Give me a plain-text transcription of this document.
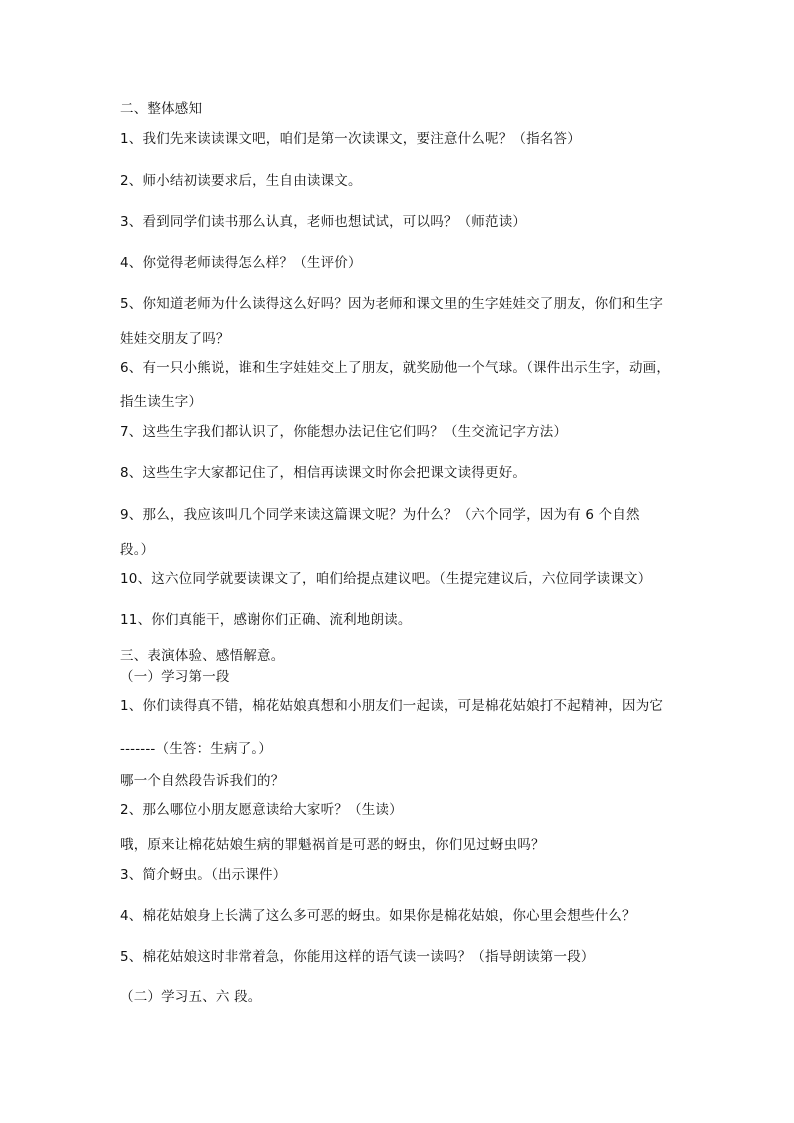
二、整体感知

1、我们先来读读课文吧，咱们是第一次读课文，要注意什么呢？（指名答）

2、师小结初读要求后，生自由读课文。

3、看到同学们读书那么认真，老师也想试试，可以吗？（师范读）

4、你觉得老师读得怎么样？（生评价）

5、你知道老师为什么读得这么好吗？因为老师和课文里的生字娃娃交了朋友，你们和生字

娃娃交朋友了吗？

6、有一只小熊说，谁和生字娃娃交上了朋友，就奖励他一个气球。（课件出示生字，动画，

指生读生字）

7、这些生字我们都认识了，你能想办法记住它们吗？（生交流记字方法）

8、这些生字大家都记住了，相信再读课文时你会把课文读得更好。

9、那么，我应该叫几个同学来读这篇课文呢？为什么？（六个同学，因为有 6 个自然

段。）

10、这六位同学就要读课文了，咱们给提点建议吧。（生提完建议后，六位同学读课文）

11、你们真能干，感谢你们正确、流利地朗读。

三、表演体验、感悟解意。

（一）学习第一段

1、你们读得真不错，棉花姑娘真想和小朋友们一起读，可是棉花姑娘打不起精神，因为它

-------（生答：生病了。）

哪一个自然段告诉我们的？

2、那么哪位小朋友愿意读给大家听？（生读）

哦，原来让棉花姑娘生病的罪魁祸首是可恶的蚜虫，你们见过蚜虫吗？

3、简介蚜虫。（出示课件）

4、棉花姑娘身上长满了这么多可恶的蚜虫。如果你是棉花姑娘，你心里会想些什么？

5、棉花姑娘这时非常着急，你能用这样的语气读一读吗？（指导朗读第一段）

（二）学习五、六 段。
